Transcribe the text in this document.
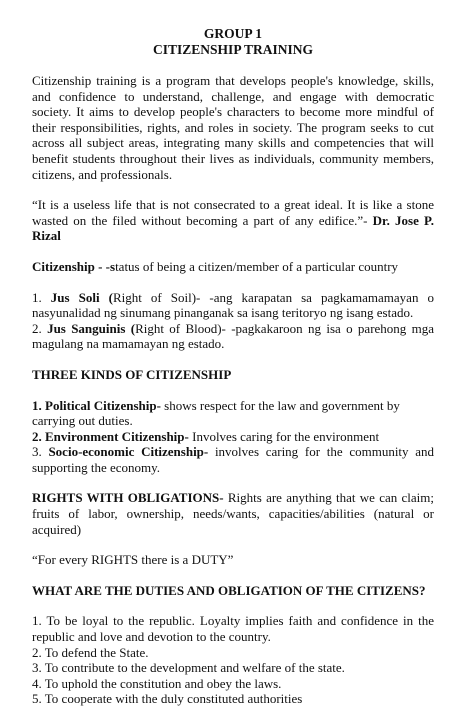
GROUP 1
CITIZENSHIP TRAINING

Citizenship training is a program that develops people's knowledge, skills, and confidence to understand, challenge, and engage with democratic society. It aims to develop people's characters to become more mindful of their responsibilities, rights, and roles in society. The program seeks to cut across all subject areas, integrating many skills and competencies that will benefit students throughout their lives as individuals, community members, citizens, and professionals.

“It is a useless life that is not consecrated to a great ideal. It is like a stone wasted on the filed without becoming a part of any edifice.”- Dr. Jose P. Rizal

Citizenship - -status of being a citizen/member of a particular country

1. Jus Soli (Right of Soil)- -ang karapatan sa pagkamamamayan o nasyunalidad ng sinumang pinanganak sa isang teritoryo ng isang estado.

2. Jus Sanguinis (Right of Blood)- -pagkakaroon ng isa o parehong mga magulang na mamamayan ng estado.

THREE KINDS OF CITIZENSHIP

1. Political Citizenship- shows respect for the law and government by carrying out duties.

2. Environment Citizenship- Involves caring for the environment

3. Socio-economic Citizenship- involves caring for the community and supporting the economy.

RIGHTS WITH OBLIGATIONS- Rights are anything that we can claim; fruits of labor, ownership, needs/wants, capacities/abilities (natural or acquired)

“For every RIGHTS there is a DUTY”

WHAT ARE THE DUTIES AND OBLIGATION OF THE CITIZENS?

1. To be loyal to the republic. Loyalty implies faith and confidence in the republic and love and devotion to the country.

2. To defend the State.

3. To contribute to the development and welfare of the state.

4. To uphold the constitution and obey the laws.

5. To cooperate with the duly constituted authorities
